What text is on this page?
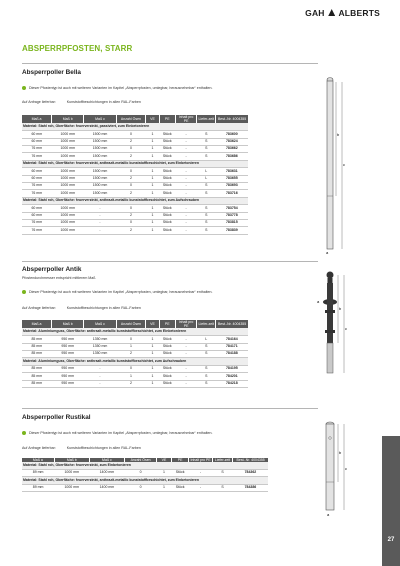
GAH ALBERTS
ABSPERRPFOSTEN, STARR
Absperrpoller Bella
Dieser Pfostentyp ist auch mit weiteren Varianten im Kapitel „Absperrpfosten, umlegbar, herausnehmbar“ enthalten.
Auf Anfrage lieferbar:	Kunststoffbeschichtungen in allen RAL-Farben
Maß a	Maß b	Maß c	Anzahl Ösen	VE	PE	Inhalt pro PE	Liefer-zeit	Best.-Nr. 4004355
Material: Stahl roh, Oberfläche: feuerverzinkt, passiviert, zum Einbetonieren								
60 mm	1000 mm	1500 mm	0	1	Stück	-	S	783600
60 mm	1000 mm	1500 mm	2	1	Stück	-	S	783624
76 mm	1000 mm	1500 mm	0	1	Stück	-	S	783662
76 mm	1000 mm	1500 mm	2	1	Stück	-	S	783686
Material: Stahl roh, Oberfläche: feuerverzinkt, anthrazit-metallic kunststoffbeschichtet, zum Einbetonieren								
60 mm	1000 mm	1500 mm	0	1	Stück	-	L	783631
60 mm	1000 mm	1500 mm	2	1	Stück	-	L	783655
76 mm	1000 mm	1500 mm	0	1	Stück	-	S	783693
76 mm	1000 mm	1500 mm	2	1	Stück	-	S	783716
Material: Stahl roh, Oberfläche: feuerverzinkt, anthrazit-metallic kunststoffbeschichtet, zum Aufschrauben								
60 mm	1000 mm	-	0	1	Stück	-	S	783754
60 mm	1000 mm	-	2	1	Stück	-	S	783778
76 mm	1000 mm	-	0	1	Stück	-	S	783815
76 mm	1000 mm	-	2	1	Stück	-	S	783839
b
c
a
Absperrpoller Antik
Pfostendurchmesser entspricht mittlerem Maß
Dieser Pfostentyp ist auch mit weiteren Varianten im Kapitel „Absperrpfosten, umlegbar, herausnehmbar“ enthalten.
Auf Anfrage lieferbar:	Kunststoffbeschichtungen in allen RAL-Farben
Maß a	Maß b	Maß c	Anzahl Ösen	VE	PE	Inhalt pro PE	Liefer-zeit	Best.-Nr. 4004355
Material: Aluminiumguss, Oberfläche: anthrazit-metallic kunststoffbeschichtet, zum Einbetonieren								
85 mm	950 mm	1350 mm	0	1	Stück	-	L	784164
85 mm	950 mm	1350 mm	1	1	Stück	-	S	784171
85 mm	950 mm	1350 mm	2	1	Stück	-	S	784188
Material: Aluminiumguss, Oberfläche: anthrazit-metallic kunststoffbeschichtet, zum Aufschrauben								
85 mm	950 mm	-	0	1	Stück	-	S	784195
85 mm	950 mm	-	1	1	Stück	-	S	784201
85 mm	950 mm	-	2	1	Stück	-	S	784218
b
c
a
Absperrpoller Rustikal
Dieser Pfostentyp ist auch mit weiteren Varianten im Kapitel „Absperrpfosten, umlegbar, herausnehmbar“ enthalten.
Auf Anfrage lieferbar:	Kunststoffbeschichtungen in allen RAL-Farben
Maß a	Maß b	Maß c	Anzahl Ösen	VE	PE	Inhalt pro PE	Liefer-zeit	Best.-Nr. 4004355
Material: Stahl roh, Oberfläche: feuerverzinkt, zum Einbetonieren								
89 mm	1000 mm	1400 mm	0	1	Stück	-	S	784362
Material: Stahl roh, Oberfläche: feuerverzinkt, anthrazit-metallic kunststoffbeschichtet, zum Einbetonieren								
89 mm	1000 mm	1400 mm	0	1	Stück	-	S	784386
b
c
a
27
